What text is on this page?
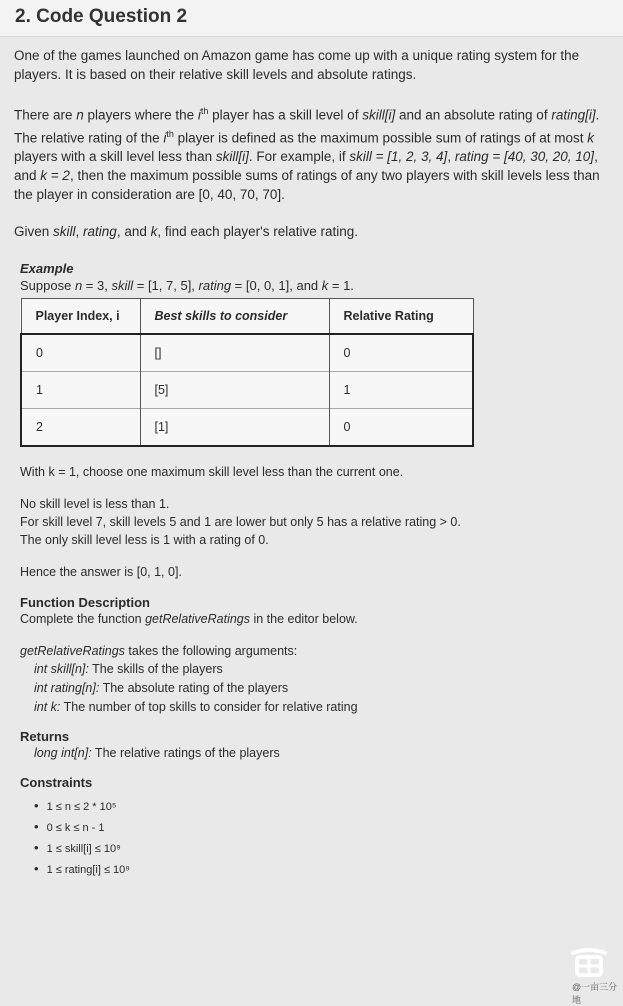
2. Code Question 2

One of the games launched on Amazon game has come up with a unique rating system for the players. It is based on their relative skill levels and absolute ratings.

There are n players where the $i^{th}$ player has a skill level of skill[i] and an absolute rating of rating[i]. The relative rating of the $i^{th}$ player is defined as the maximum possible sum of ratings of at most k players with a skill level less than skill[i]. For example, if skill = [1, 2, 3, 4], rating = [40, 30, 20, 10], and k = 2, then the maximum possible sums of ratings of any two players with skill levels less than the player in consideration are [0, 40, 70, 70].

Given skill, rating, and k, find each player's relative rating.

Example

Suppose n = 3, skill = [1, 7, 5], rating = [0, 0, 1], and k = 1.

Player Index, i	Best skills to consider	Relative Rating
0	[]	0
1	[5]	1
2	[1]	0

With k = 1, choose one maximum skill level less than the current one.

No skill level is less than 1.

For skill level 7, skill levels 5 and 1 are lower but only 5 has a relative rating > 0.

The only skill level less is 1 with a rating of 0.

Hence the answer is [0, 1, 0].

Function Description

Complete the function getRelativeRatings in the editor below.

getRelativeRatings takes the following arguments:

int skill[n]: The skills of the players
int rating[n]: The absolute rating of the players
int k: The number of top skills to consider for relative rating
Returns
long int[n]: The relative ratings of the players
Constraints
• 1 ≤ n ≤ 2 * 10⁵
• 0 ≤ k ≤ n - 1
• 1 ≤ skill[i] ≤ 10⁹
• 1 ≤ rating[i] ≤ 10⁹
@一亩三分地
